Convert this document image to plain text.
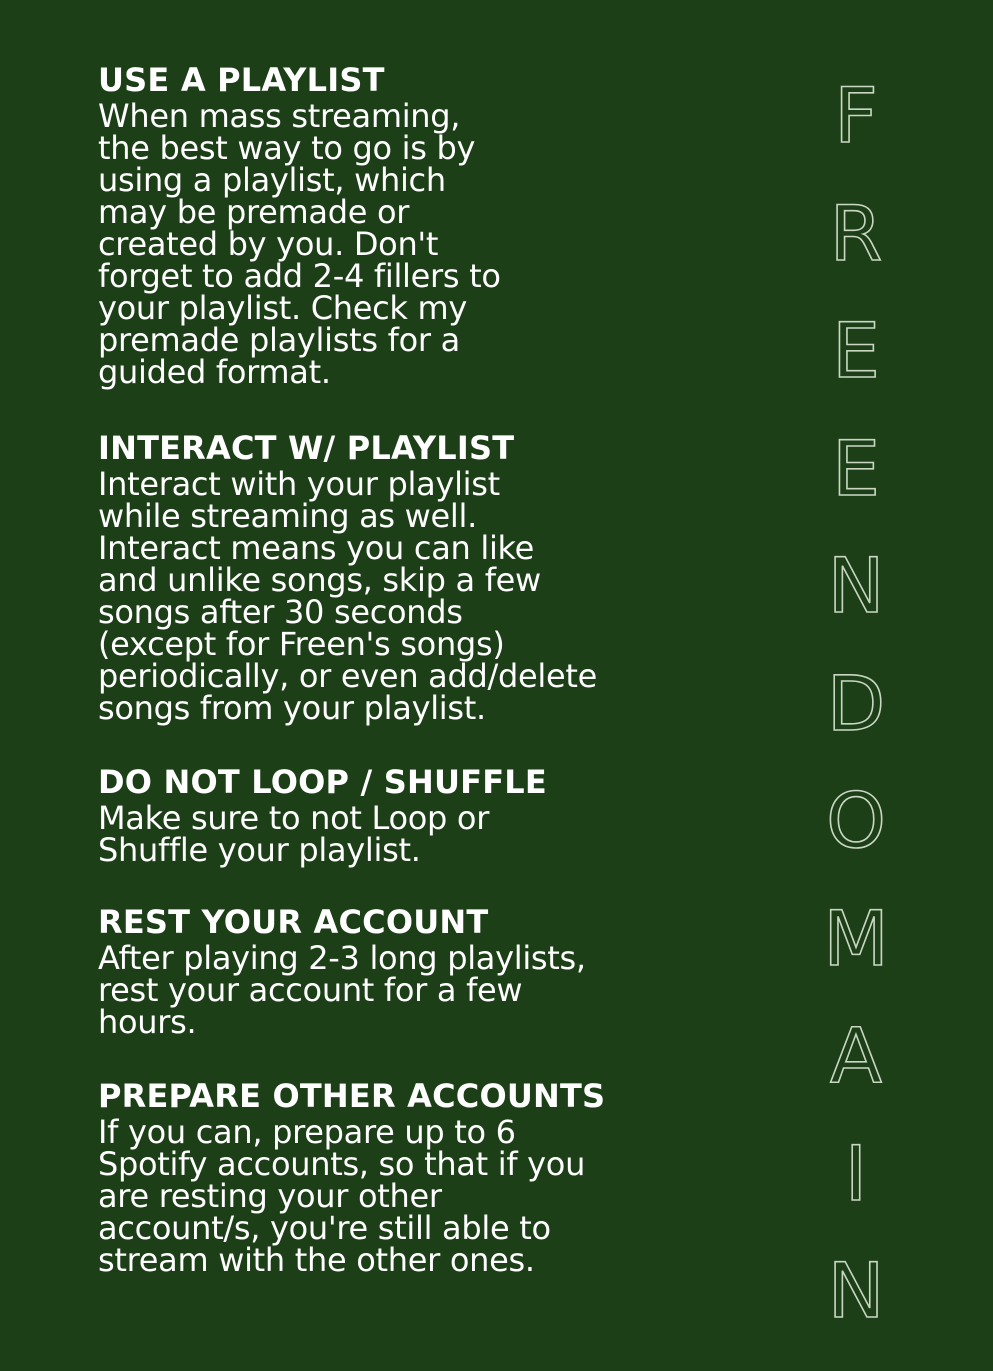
USE A PLAYLIST
When mass streaming,
the best way to go is by
using a playlist, which
may be premade or
created by you. Don't
forget to add 2-4 fillers to
your playlist. Check my
premade playlists for a
guided format.
INTERACT W/ PLAYLIST
Interact with your playlist
while streaming as well.
Interact means you can like
and unlike songs, skip a few
songs after 30 seconds
(except for Freen's songs)
periodically, or even add/delete
songs from your playlist.
DO NOT LOOP / SHUFFLE
Make sure to not Loop or
Shuffle your playlist.
REST YOUR ACCOUNT
After playing 2-3 long playlists,
rest your account for a few
hours.
PREPARE OTHER ACCOUNTS
If you can, prepare up to 6
Spotify accounts, so that if you
are resting your other
account/s, you're still able to
stream with the other ones.
F
R
E
E
N
D
O
M
A
I
N
